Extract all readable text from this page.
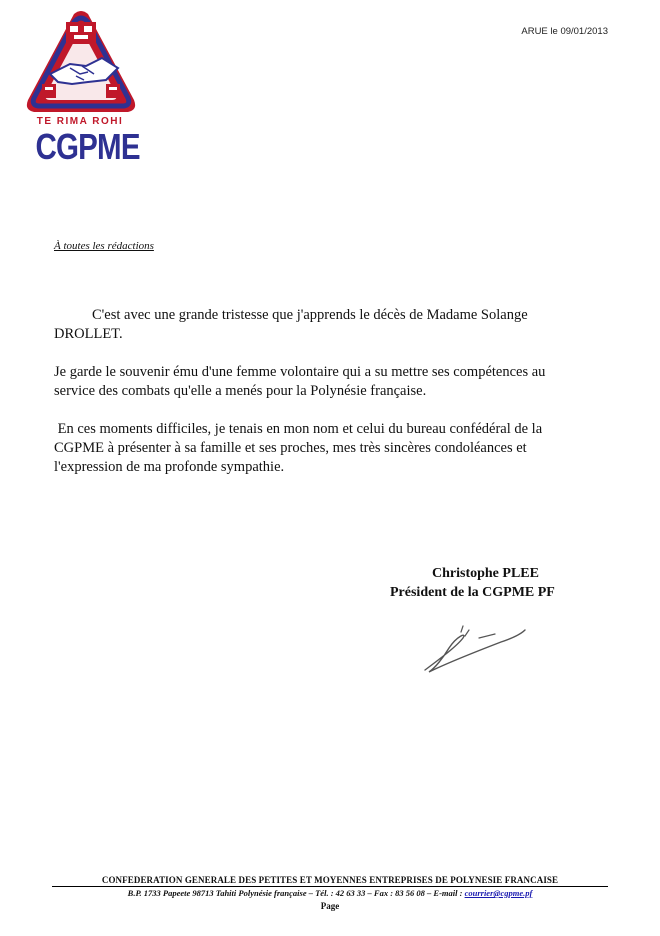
TE RIMA ROHI
CGPME
ARUE le 09/01/2013
À toutes les rédactions

C'est avec une grande tristesse que j'apprends le décès de Madame Solange DROLLET.

Je garde le souvenir ému d'une femme volontaire qui a su mettre ses compétences au service des combats qu'elle a menés pour la Polynésie française.

En ces moments difficiles, je tenais en mon nom et celui du bureau confédéral de la CGPME à présenter à sa famille et ses proches, mes très sincères condoléances et l'expression de ma profonde sympathie.

Christophe PLEE
Président de la CGPME PF
CONFEDERATION GENERALE DES PETITES ET MOYENNES ENTREPRISES DE POLYNESIE FRANCAISE
B.P. 1733 Papeete 98713 Tahiti Polynésie française – Tél. : 42 63 33 – Fax : 83 56 08 – E-mail : courrier@cgpme.pf
Page
